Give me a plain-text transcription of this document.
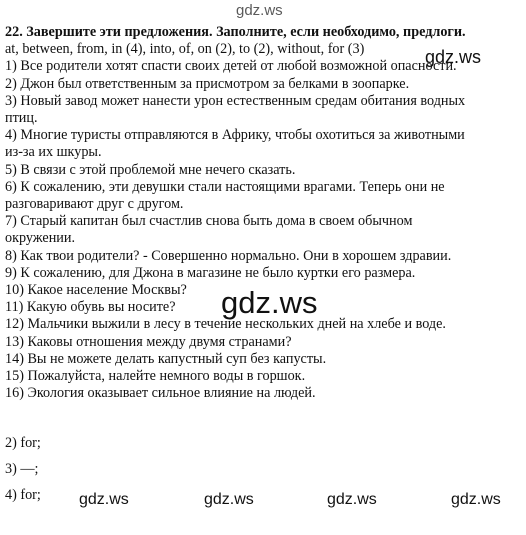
gdz.ws

22. Завершите эти предложения. Заполните, если необходимо, предлоги.

at, between, from, in (4), into, of, on (2), to (2), without, for (3)

1) Все родители хотят спасти своих детей от любой возможной опасности.

2) Джон был ответственным за присмотром за белками в зоопарке.

3) Новый завод может нанести урон естественным средам обитания водных

птиц.

4) Многие туристы отправляются в Африку, чтобы охотиться за животными

из-за их шкуры.

5) В связи с этой проблемой мне нечего сказать.

6) К сожалению, эти девушки стали настоящими врагами. Теперь они не

разговаривают друг с другом.

7) Старый капитан был счастлив снова быть дома в своем обычном

окружении.

8) Как твои родители? - Совершенно нормально. Они в хорошем здравии.

9) К сожалению, для Джона в магазине не было куртки его размера.

10) Какое население Москвы?

11) Какую обувь вы носите?

12) Мальчики выжили в лесу в течение нескольких дней на хлебе и воде.

13) Каковы отношения между двумя странами?

14) Вы не можете делать капустный суп без капусты.

15) Пожалуйста, налейте немного воды в горшок.

16) Экология оказывает сильное влияние на людей.

2) for;

3) —;

4) for;

gdz.ws
gdz.ws
gdz.ws	gdz.ws	gdz.ws	gdz.ws
